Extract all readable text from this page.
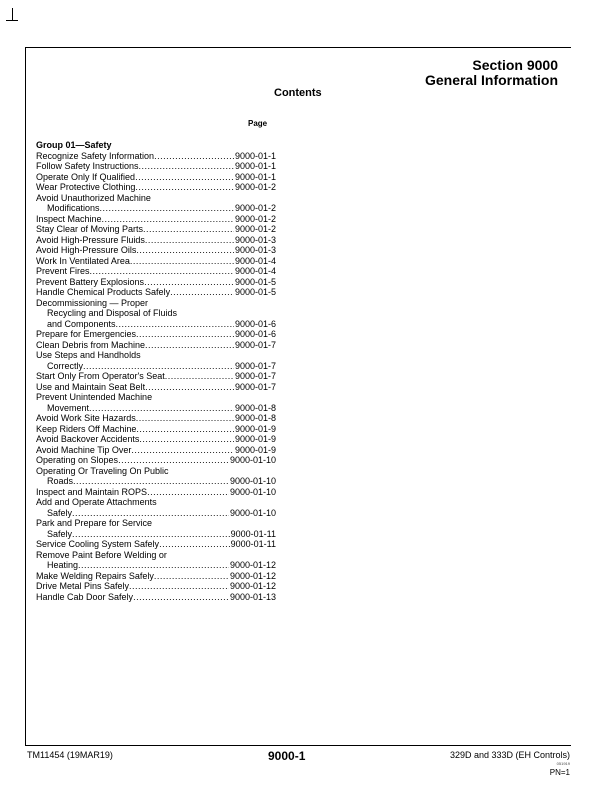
Section 9000
General Information
Contents
Page
Group 01—Safety
Recognize Safety Information .....	9000-01-1
Follow Safety Instructions .....	9000-01-1
Operate Only If Qualified .....	9000-01-1
Wear Protective Clothing .....	9000-01-2
Avoid Unauthorized Machine
Modifications .....	9000-01-2
Inspect Machine .....	9000-01-2
Stay Clear of Moving Parts .....	9000-01-2
Avoid High-Pressure Fluids .....	9000-01-3
Avoid High-Pressure Oils .....	9000-01-3
Work In Ventilated Area .....	9000-01-4
Prevent Fires .....	9000-01-4
Prevent Battery Explosions .....	9000-01-5
Handle Chemical Products Safely .....	9000-01-5
Decommissioning — Proper
Recycling and Disposal of Fluids
and Components .....	9000-01-6
Prepare for Emergencies .....	9000-01-6
Clean Debris from Machine .....	9000-01-7
Use Steps and Handholds
Correctly .....	9000-01-7
Start Only From Operator's Seat .....	9000-01-7
Use and Maintain Seat Belt .....	9000-01-7
Prevent Unintended Machine
Movement .....	9000-01-8
Avoid Work Site Hazards .....	9000-01-8
Keep Riders Off Machine .....	9000-01-9
Avoid Backover Accidents .....	9000-01-9
Avoid Machine Tip Over .....	9000-01-9
Operating on Slopes .....	9000-01-10
Operating Or Traveling On Public
Roads .....	9000-01-10
Inspect and Maintain ROPS .....	9000-01-10
Add and Operate Attachments
Safely .....	9000-01-10
Park and Prepare for Service
Safely .....	9000-01-11
Service Cooling System Safely .....	9000-01-11
Remove Paint Before Welding or
Heating .....	9000-01-12
Make Welding Repairs Safely .....	9000-01-12
Drive Metal Pins Safely .....	9000-01-12
Handle Cab Door Safely .....	9000-01-13
TM11454 (19MAR19)	9000-1	329D and 333D (EH Controls)
051919
PN=1
